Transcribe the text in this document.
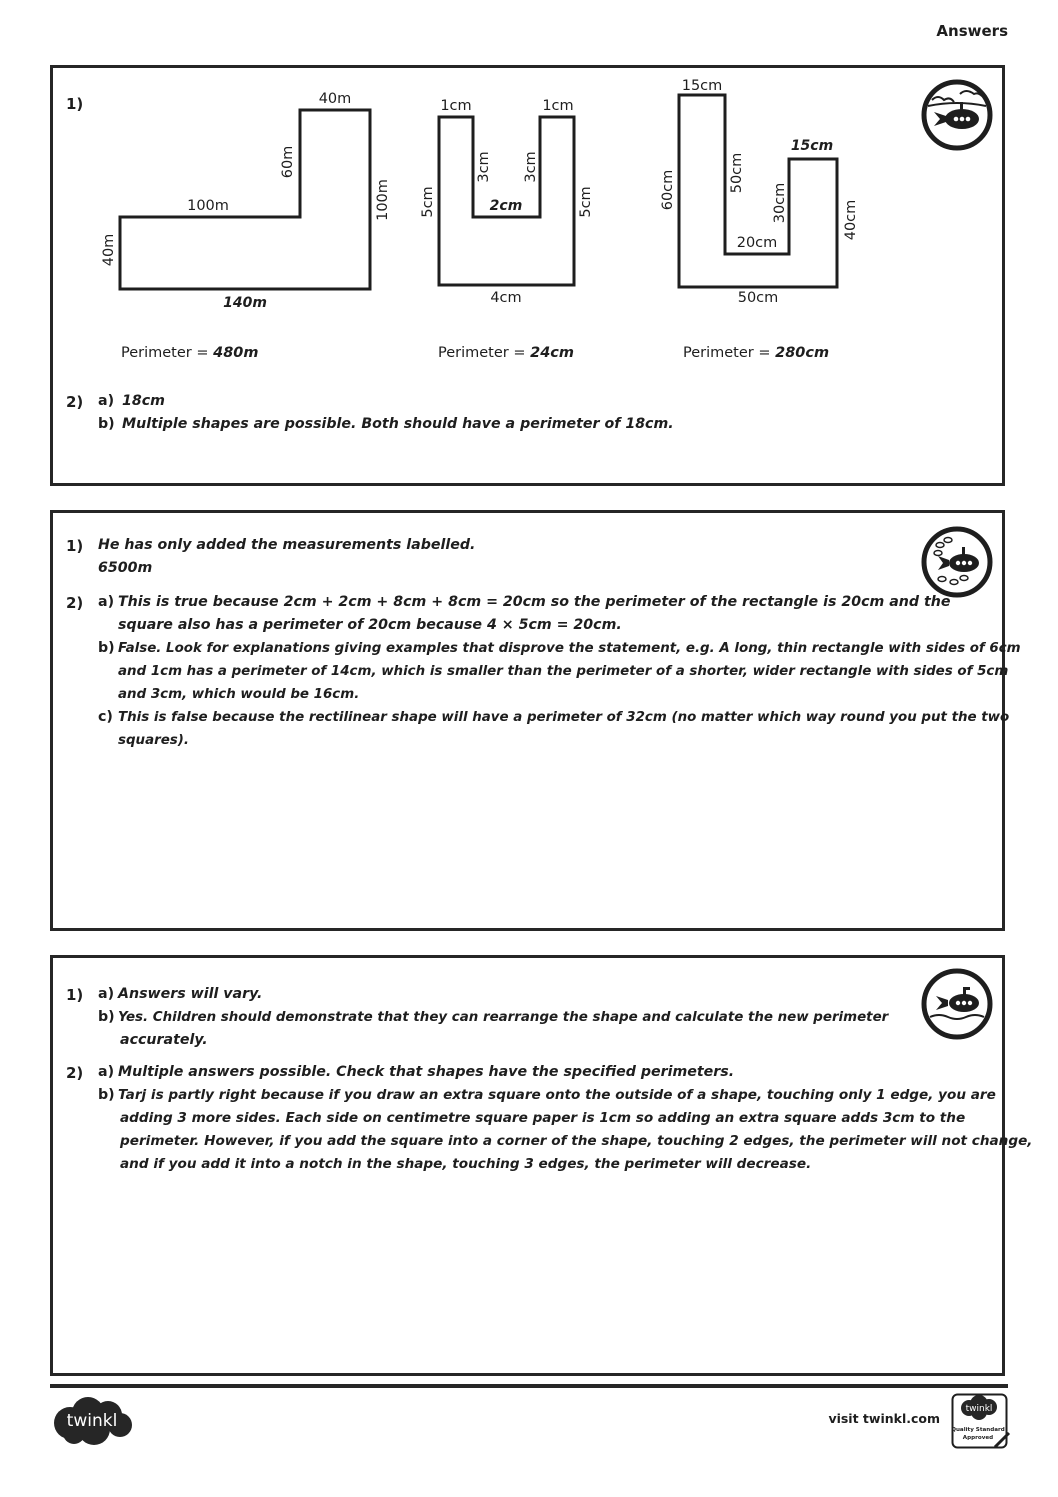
Answers
1)	40m
60m
100m	100m
40m
140m
1cm	1cm
3cm 3cm
5cm	5cm
4cm
2cm
15cm
60cm	50cm
30cm
20cm
40cm
50cm
15cm
Perimeter = 480m	Perimeter = 24cm	Perimeter = 280cm
2) a) 18cm
b) Multiple shapes are possible. Both should have a perimeter of 18cm.
1) He has only added the measurements labelled.
6500m
2) a) This is true because 2cm + 2cm + 8cm + 8cm = 20cm so the perimeter of the rectangle is 20cm and the
square also has a perimeter of 20cm because 4 × 5cm = 20cm.
b) False. Look for explanations giving examples that disprove the statement, e.g. A long, thin rectangle with sides of 6cm
and 1cm has a perimeter of 14cm, which is smaller than the perimeter of a shorter, wider rectangle with sides of 5cm
and 3cm, which would be 16cm.
c) This is false because the rectilinear shape will have a perimeter of 32cm (no matter which way round you put the two
squares).
1) a) Answers will vary.
b) Yes. Children should demonstrate that they can rearrange the shape and calculate the new perimeter
accurately.
2) a) Multiple answers possible. Check that shapes have the specified perimeters.
b) Tarj is partly right because if you draw an extra square onto the outside of a shape, touching only 1 edge, you are
adding 3 more sides. Each side on centimetre square paper is 1cm so adding an extra square adds 3cm to the
perimeter. However, if you add the square into a corner of the shape, touching 2 edges, the perimeter will not change,
and if you add it into a notch in the shape, touching 3 edges, the perimeter will decrease.
twinkl	visit twinkl.com
twinkl
Quality Standard
Approved
